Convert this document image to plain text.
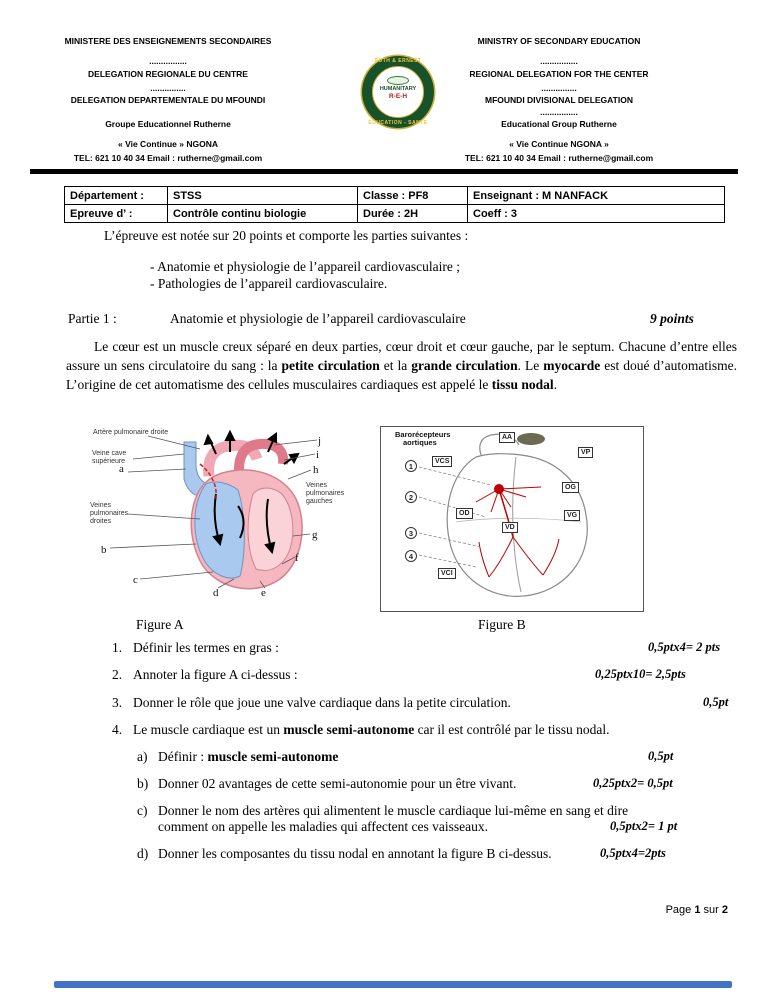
MINISTERE DES ENSEIGNEMENTS SECONDAIRES
................
DELEGATION REGIONALE DU CENTRE
...............
DELEGATION DEPARTEMENTALE DU MFOUNDI
Groupe Educationnel Rutherne
« Vie Continue » NGONA
TEL: 621 10 40 34 Email : rutherne@gmail.com
RUTH & ERNEST
HUMANITARY
R-E-H
EDUCATION - SANTE
MINISTRY OF SECONDARY EDUCATION
................
REGIONAL DELEGATION FOR THE CENTER
...............
MFOUNDI DIVISIONAL DELEGATION
................
Educational Group Rutherne
« Vie Continue NGONA »
TEL: 621 10 40 34 Email : rutherne@gmail.com
Département :	STSS	Classe : PF8	Enseignant : M NANFACK
Epreuve d’ :	Contrôle continu biologie	Durée : 2H	Coeff : 3
L’épreuve est notée sur 20 points et comporte les parties suivantes :
- Anatomie et physiologie de l’appareil cardiovasculaire ;
- Pathologies de l’appareil cardiovasculaire.
Partie 1 :	Anatomie et physiologie de l’appareil cardiovasculaire	9 points

Le cœur est un muscle creux séparé en deux parties, cœur droit et cœur gauche, par le septum. Chacune d’entre elles assure un sens circulatoire du sang : la petite circulation et la grande circulation. Le myocarde est doué d’automatisme. L’origine de cet automatisme des cellules musculaires cardiaques est appelé le tissu nodal.

Artère pulmonaire droite
Veine cave
supérieure
Veines
pulmonaires
droites
Veines
pulmonaires
gauches
a
b
c
d	e
f
g
h
i
j
Barorécepteurs
aortiques
AA
VP
VCS
OG
OD
VD
VG
VCI
1
2
3
4
Figure A	Figure B
1. Définir les termes en gras :	0,5ptx4= 2 pts
2. Annoter la figure A ci-dessus :	0,25ptx10= 2,5pts
3. Donner le rôle que joue une valve cardiaque dans la petite circulation.	0,5pt
4. Le muscle cardiaque est un muscle semi-autonome car il est contrôlé par le tissu nodal.
a) Définir : muscle semi-autonome	0,5pt
b) Donner 02 avantages de cette semi-autonomie pour un être vivant.	0,25ptx2= 0,5pt
c) Donner le nom des artères qui alimentent le muscle cardiaque lui-même en sang et dire
comment on appelle les maladies qui affectent ces vaisseaux.	0,5ptx2= 1 pt
d) Donner les composantes du tissu nodal en annotant la figure B ci-dessus.	0,5ptx4=2pts
Page 1 sur 2
